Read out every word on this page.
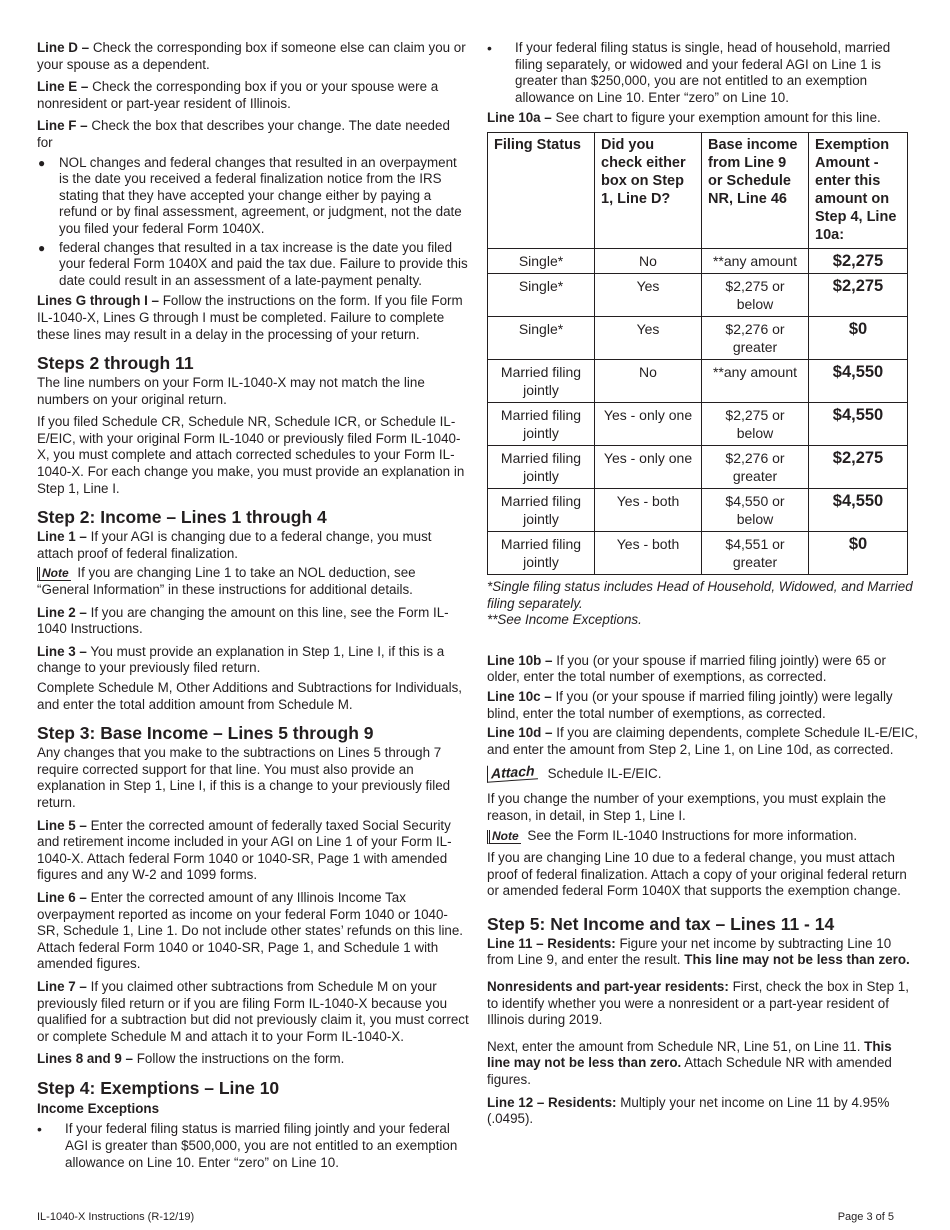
Line D – Check the corresponding box if someone else can claim you or your spouse as a dependent.

Line E – Check the corresponding box if you or your spouse were a nonresident or part-year resident of Illinois.

Line F – Check the box that describes your change. The date needed for

● NOL changes and federal changes that resulted in an overpayment is the date you received a federal finalization notice from the IRS stating that they have accepted your change either by paying a refund or by final assessment, agreement, or judgment, not the date you filed your federal Form 1040X.
● federal changes that resulted in a tax increase is the date you filed your federal Form 1040X and paid the tax due. Failure to provide this date could result in an assessment of a late-payment penalty.

Lines G through I – Follow the instructions on the form. If you file Form IL-1040-X, Lines G through I must be completed. Failure to complete these lines may result in a delay in the processing of your return.

Steps 2 through 11

The line numbers on your Form IL-1040-X may not match the line numbers on your original return.

If you filed Schedule CR, Schedule NR, Schedule ICR, or Schedule IL-E/EIC, with your original Form IL-1040 or previously filed Form IL-1040-X, you must complete and attach corrected schedules to your Form IL-1040-X. For each change you make, you must provide an explanation in Step 1, Line I.

Step 2: Income – Lines 1 through 4

Line 1 – If your AGI is changing due to a federal change, you must attach proof of federal finalization.

Note If you are changing Line 1 to take an NOL deduction, see “General Information” in these instructions for additional details.

Line 2 – If you are changing the amount on this line, see the Form IL-1040 Instructions.

Line 3 – You must provide an explanation in Step 1, Line I, if this is a change to your previously filed return.

Complete Schedule M, Other Additions and Subtractions for Individuals, and enter the total addition amount from Schedule M.

Step 3: Base Income – Lines 5 through 9

Any changes that you make to the subtractions on Lines 5 through 7 require corrected support for that line. You must also provide an explanation in Step 1, Line I, if this is a change to your previously filed return.

Line 5 – Enter the corrected amount of federally taxed Social Security and retirement income included in your AGI on Line 1 of your Form IL-1040-X. Attach federal Form 1040 or 1040-SR, Page 1 with amended figures and any W-2 and 1099 forms.

Line 6 – Enter the corrected amount of any Illinois Income Tax overpayment reported as income on your federal Form 1040 or 1040-SR, Schedule 1, Line 1. Do not include other states’ refunds on this line. Attach federal Form 1040 or 1040-SR, Page 1, and Schedule 1 with amended figures.

Line 7 – If you claimed other subtractions from Schedule M on your previously filed return or if you are filing Form IL-1040-X because you qualified for a subtraction but did not previously claim it, you must correct or complete Schedule M and attach it to your Form IL-1040-X.

Lines 8 and 9 – Follow the instructions on the form.

Step 4: Exemptions – Line 10
Income Exceptions
• If your federal filing status is married filing jointly and your federal AGI is greater than $500,000, you are not entitled to an exemption allowance on Line 10. Enter “zero” on Line 10.
• If your federal filing status is single, head of household, married filing separately, or widowed and your federal AGI on Line 1 is greater than $250,000, you are not entitled to an exemption allowance on Line 10. Enter “zero” on Line 10.

Line 10a – See chart to figure your exemption amount for this line.

Filing Status	Did you check either box on Step 1, Line D?	Base income from Line 9 or Schedule NR, Line 46	Exemption Amount - enter this amount on Step 4, Line 10a:
Single*	No	**any amount	$2,275
Single*	Yes	$2,275 or below	$2,275
Single*	Yes	$2,276 or greater	$0
Married filing jointly	No	**any amount	$4,550
Married filing jointly	Yes - only one	$2,275 or below	$4,550
Married filing jointly	Yes - only one	$2,276 or greater	$2,275
Married filing jointly	Yes - both	$4,550 or below	$4,550
Married filing jointly	Yes - both	$4,551 or greater	$0

*Single filing status includes Head of Household, Widowed, and Married filing separately.

**See Income Exceptions.

Line 10b – If you (or your spouse if married filing jointly) were 65 or older, enter the total number of exemptions, as corrected.

Line 10c – If you (or your spouse if married filing jointly) were legally blind, enter the total number of exemptions, as corrected.

Line 10d – If you are claiming dependents, complete Schedule IL-E/EIC, and enter the amount from Step 2, Line 1, on Line 10d, as corrected.

Attach Schedule IL-E/EIC.

If you change the number of your exemptions, you must explain the reason, in detail, in Step 1, Line I.

Note See the Form IL-1040 Instructions for more information.

If you are changing Line 10 due to a federal change, you must attach proof of federal finalization. Attach a copy of your original federal return or amended federal Form 1040X that supports the exemption change.

Step 5: Net Income and tax – Lines 11 - 14

Line 11 – Residents: Figure your net income by subtracting Line 10 from Line 9, and enter the result. This line may not be less than zero.

Nonresidents and part-year residents: First, check the box in Step 1, to identify whether you were a nonresident or a part-year resident of Illinois during 2019.

Next, enter the amount from Schedule NR, Line 51, on Line 11. This line may not be less than zero. Attach Schedule NR with amended figures.

Line 12 – Residents: Multiply your net income on Line 11 by 4.95% (.0495).

IL-1040-X Instructions (R-12/19)	Page 3 of 5
